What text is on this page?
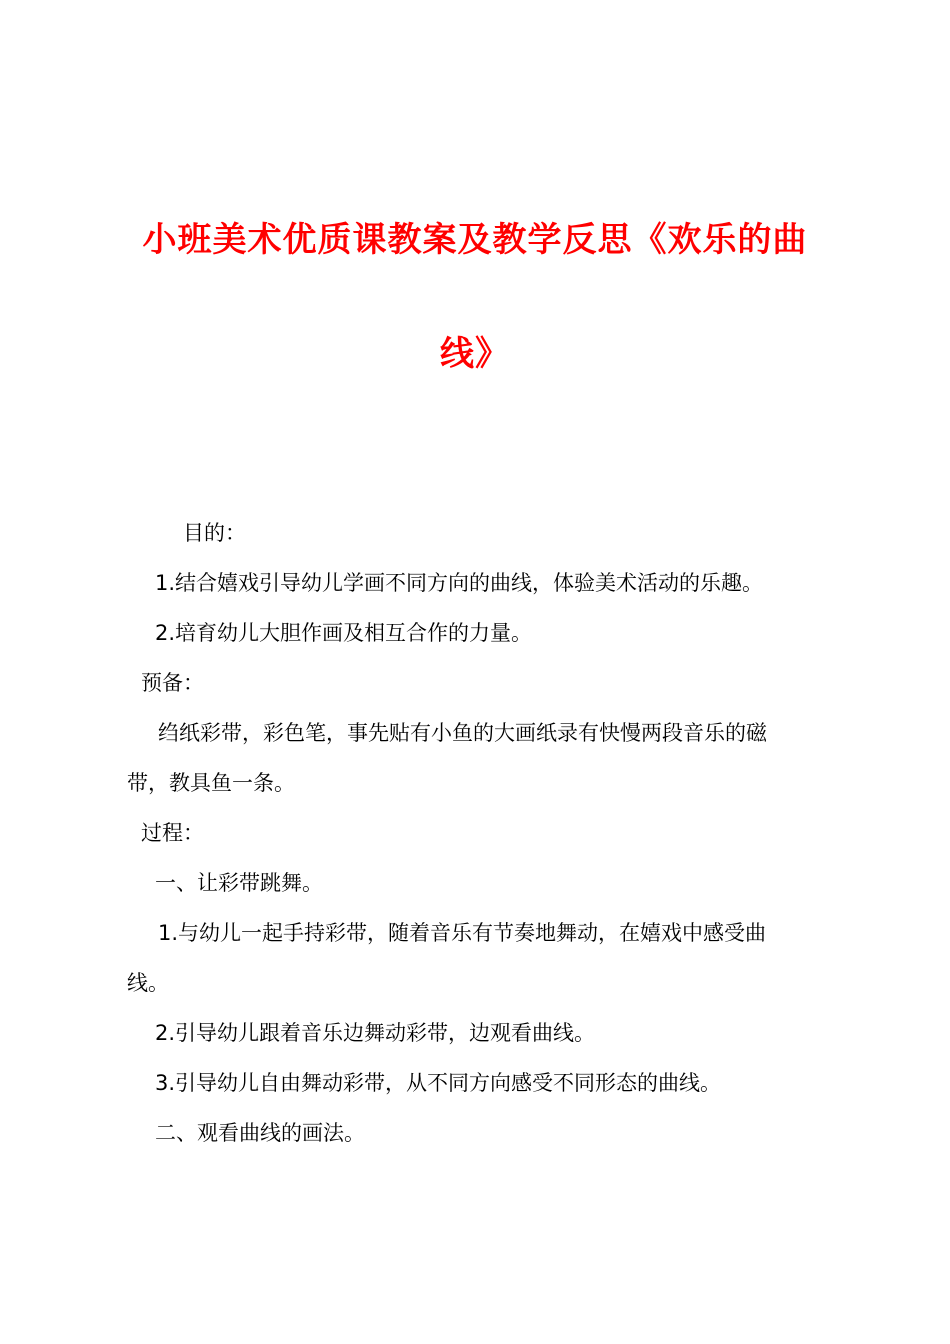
小班美术优质课教案及教学反思《欢乐的曲
线》
目的：
1.结合嬉戏引导幼儿学画不同方向的曲线，体验美术活动的乐趣。
2.培育幼儿大胆作画及相互合作的力量。
预备：
绉纸彩带，彩色笔，事先贴有小鱼的大画纸录有快慢两段音乐的磁
带，教具鱼一条。
过程：
一、让彩带跳舞。
1.与幼儿一起手持彩带，随着音乐有节奏地舞动，在嬉戏中感受曲
线。
2.引导幼儿跟着音乐边舞动彩带，边观看曲线。
3.引导幼儿自由舞动彩带，从不同方向感受不同形态的曲线。
二、观看曲线的画法。
